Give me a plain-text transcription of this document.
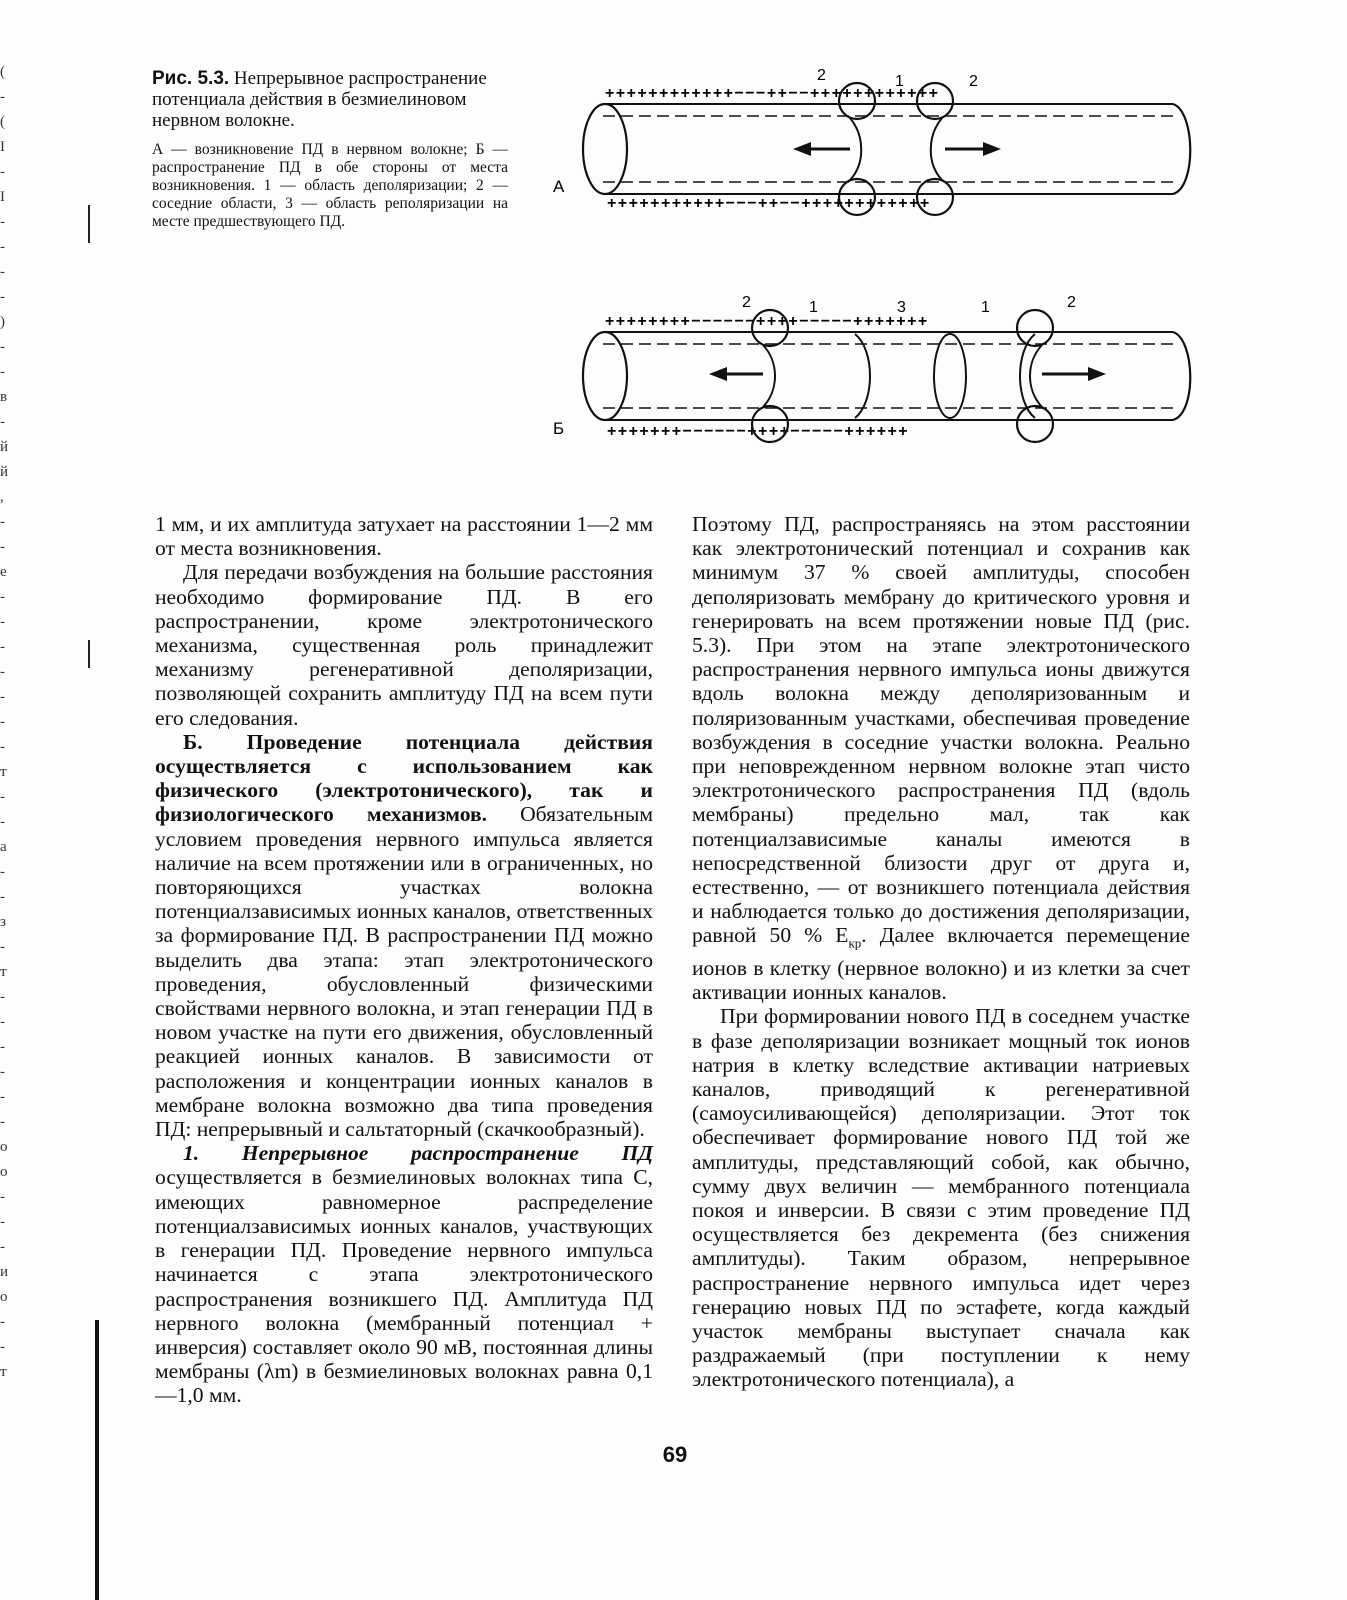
(
-
(
I
-
I
-
-
-
-
)
-
-
в
-
й
й
,
-
-
е
-
-
-
-
-
-
-
т
-
-
а
-
-
з
-
т
-
-
-
-
-
-
о
о
-
-
-
и
о
-
-
т

Рис. 5.3. Непрерывное распространение потенциала действия в безмиелиновом нервном волокне.

А — возникновение ПД в нервном волокне; Б — распространение ПД в обе стороны от места возникновения. 1 — область деполяризации; 2 — соседние области, 3 — область реполяризации на месте предшествующего ПД.

А
+ + + + + + + + + + + + − − − + + − − + + + + + + + + + + + +
+ + + + + + + + + + + − − − + + − − + + + + + + + + + + + +
2	1	2
Б
+ + + + + + + + − − − − − − + + + + − − − − − + + + + + + +
+ + + + + + + − − − − − − + + + + − − − − − + + + + + +
2	1	3	1	2

1 мм, и их амплитуда затухает на расстоянии 1—2 мм от места возникновения.

Для передачи возбуждения на большие расстояния необходимо формирование ПД. В его распространении, кроме электротонического механизма, существенная роль принадлежит механизму регенеративной деполяризации, позволяющей сохранить амплитуду ПД на всем пути его следования.

Б. Проведение потенциала действия осуществляется с использованием как физического (электротонического), так и физиологического механизмов. Обязательным условием проведения нервного импульса является наличие на всем протяжении или в ограниченных, но повторяющихся участках волокна потенциалзависимых ионных каналов, ответственных за формирование ПД. В распространении ПД можно выделить два этапа: этап электротонического проведения, обусловленный физическими свойствами нервного волокна, и этап генерации ПД в новом участке на пути его движения, обусловленный реакцией ионных каналов. В зависимости от расположения и концентрации ионных каналов в мембране волокна возможно два типа проведения ПД: непрерывный и сальтаторный (скачкообразный).

1. Непрерывное распространение ПД осуществляется в безмиелиновых волокнах типа С, имеющих равномерное распределение потенциалзависимых ионных каналов, участвующих в генерации ПД. Проведение нервного импульса начинается с этапа электротонического распространения возникшего ПД. Амплитуда ПД нервного волокна (мембранный потенциал + инверсия) составляет около 90 мВ, постоянная длины мембраны (λm) в безмиелиновых волокнах равна 0,1—1,0 мм.

Поэтому ПД, распространяясь на этом расстоянии как электротонический потенциал и сохранив как минимум 37 % своей амплитуды, способен деполяризовать мембрану до критического уровня и генерировать на всем протяжении новые ПД (рис. 5.3). При этом на этапе электротонического распространения нервного импульса ионы движутся вдоль волокна между деполяризованным и поляризованным участками, обеспечивая проведение возбуждения в соседние участки волокна. Реально при неповрежденном нервном волокне этап чисто электротонического распространения ПД (вдоль мембраны) предельно мал, так как потенциалзависимые каналы имеются в непосредственной близости друг от друга и, естественно, — от возникшего потенциала действия и наблюдается только до достижения деполяризации, равной 50 % $E_{кр}$. Далее включается перемещение ионов в клетку (нервное волокно) и из клетки за счет активации ионных каналов.

При формировании нового ПД в соседнем участке в фазе деполяризации возникает мощный ток ионов натрия в клетку вследствие активации натриевых каналов, приводящий к регенеративной (самоусиливающейся) деполяризации. Этот ток обеспечивает формирование нового ПД той же амплитуды, представляющий собой, как обычно, сумму двух величин — мембранного потенциала покоя и инверсии. В связи с этим проведение ПД осуществляется без декремента (без снижения амплитуды). Таким образом, непрерывное распространение нервного импульса идет через генерацию новых ПД по эстафете, когда каждый участок мембраны выступает сначала как раздражаемый (при поступлении к нему электротонического потенциала), а

69
